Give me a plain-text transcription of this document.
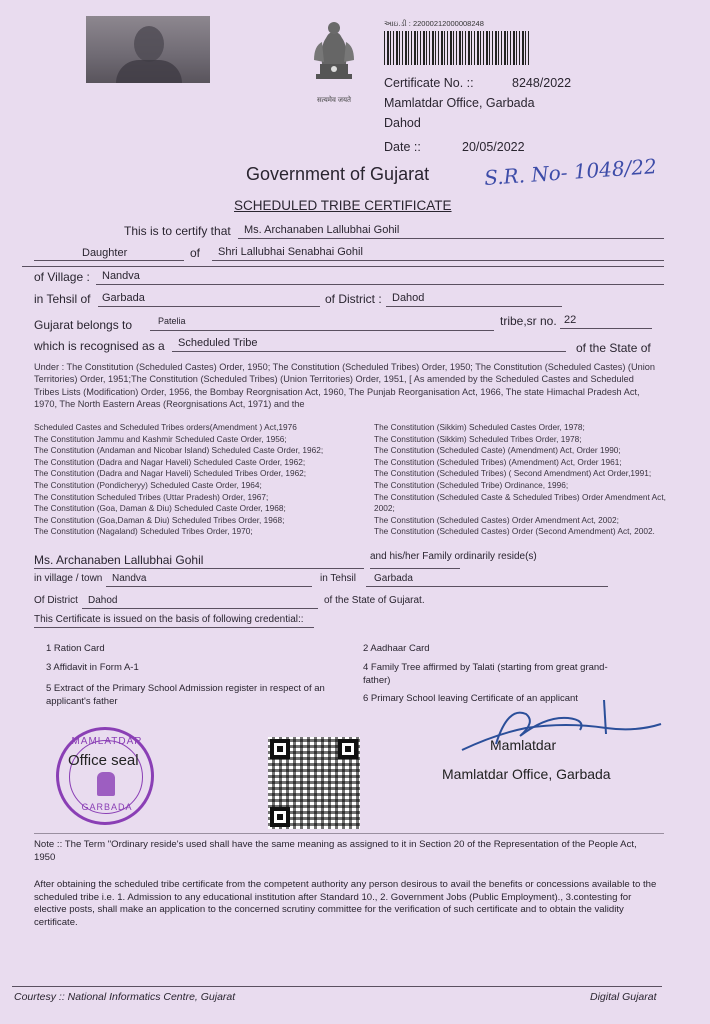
सत्यमेव जयते
આઇ.ડી : 22000212000008248
Certificate No. ::	8248/2022
Mamlatdar Office, Garbada
Dahod
Date ::	20/05/2022
Government of Gujarat	S.R. No- 1048/22
SCHEDULED TRIBE CERTIFICATE
This is to certify that Ms. Archanaben Lallubhai Gohil
Daughter	of Shri Lallubhai Senabhai Gohil
of Village : Nandva
in Tehsil of Garbada	of District : Dahod
Gujarat belongs to	Patelia	tribe,sr no. 22
which is recognised as a Scheduled Tribe	of the State of
Under : The Constitution (Scheduled Castes) Order, 1950; The Constitution (Scheduled Tribes) Order, 1950; The Constitution (Scheduled Castes) (Union Territories) Order, 1951;The Constitution (Scheduled Tribes) (Union Territories) Order, 1951, [ As amended by the Scheduled Castes and Scheduled Tribes Lists (Modification) Order, 1956, the Bombay Reorgnisation Act, 1960, The Punjab Reorganisation Act, 1966, The state Himachal Pradesh Act, 1970, The North Eastern Areas (Reorgnisations Act, 1971) and the
Scheduled Castes and Scheduled Tribes orders(Amendment ) Act,1976
The Constitution Jammu and Kashmir Scheduled Caste Order, 1956;
The Constitution (Andaman and Nicobar Island) Scheduled Caste Order, 1962;
The Constitution (Dadra and Nagar Haveli) Scheduled Caste Order, 1962;
The Constitution (Dadra and Nagar Haveli) Scheduled Tribes Order, 1962;
The Constitution (Pondicheryy) Scheduled Caste Order, 1964;
The Constitution Scheduled Tribes (Uttar Pradesh) Order, 1967;
The Constitution (Goa, Daman & Diu) Scheduled Caste Order, 1968;
The Constitution (Goa,Daman & Diu) Scheduled Tribes Order, 1968;
The Constitution (Nagaland) Scheduled Tribes Order, 1970;
The Constitution (Sikkim) Scheduled Castes Order, 1978;
The Constitution (Sikkim) Scheduled Tribes Order, 1978;
The Constitution (Scheduled Caste) (Amendment) Act, Order 1990;
The Constitution (Scheduled Tribes) (Amendment) Act, Order 1961;
The Constitution (Scheduled Tribes) ( Second Amendment) Act Order,1991;
The Constitution (Scheduled Tribe) Ordinance, 1996;
The Constitution (Scheduled Caste & Scheduled Tribes) Order Amendment Act, 2002;
The Constitution (Scheduled Castes) Order Amendment Act, 2002;
The Constitution (Scheduled Castes) Order (Second Amendment) Act, 2002.
Ms. Archanaben Lallubhai Gohil	and his/her Family ordinarily reside(s)
in village / town Nandva	in Tehsil Garbada
Of District Dahod	of the State of Gujarat.
This Certificate is issued on the basis of following credential::
1 Ration Card
3 Affidavit in Form A-1
5 Extract of the Primary School Admission register in respect of an applicant's father
2 Aadhaar Card
4 Family Tree affirmed by Talati (starting from great grand-father)
6 Primary School leaving Certificate of an applicant
MAMLATDAR
GARBADA
Office seal
Mamlatdar
Mamlatdar Office, Garbada
Note :: The Term "Ordinary reside's used shall have the same meaning as assigned to it in Section 20 of the Representation of the People Act, 1950
After obtaining the scheduled tribe certificate from the competent authority any person desirous to avail the benefits or concessions available to the scheduled tribe i.e. 1. Admission to any educational institution after Standard 10., 2. Government Jobs (Public Employment)., 3.contesting for elective posts, shall make an application to the concerned scrutiny committee for the verification of such certificate and to obtain the validity certificate.
Courtesy :: National Informatics Centre, Gujarat	Digital Gujarat
